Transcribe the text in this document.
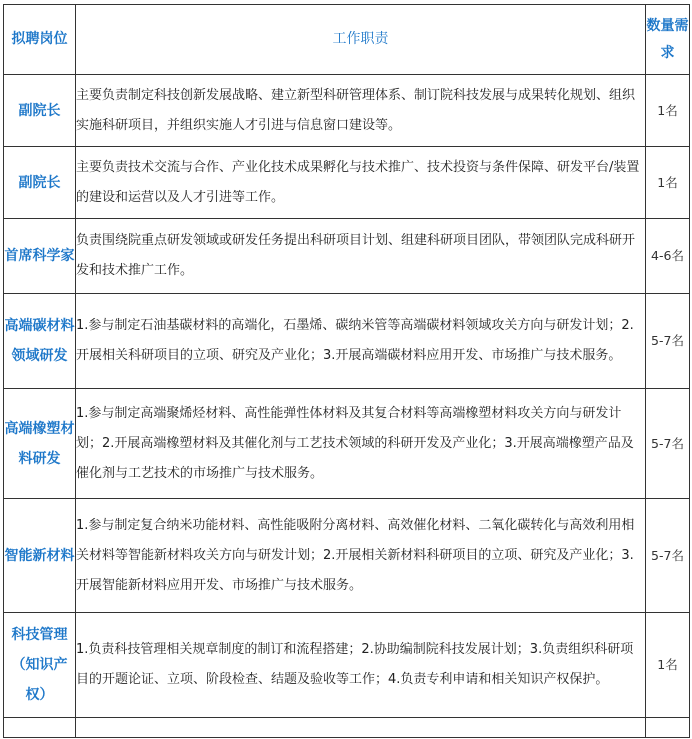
拟聘岗位	工作职责	数量需求
副院长	主要负责制定科技创新发展战略、建立新型科研管理体系、制订院科技发展与成果转化规划、组织实施科研项目，并组织实施人才引进与信息窗口建设等。	1名
副院长	主要负责技术交流与合作、产业化技术成果孵化与技术推广、技术投资与条件保障、研发平台/装置的建设和运营以及人才引进等工作。	1名
首席科学家	负责围绕院重点研发领域或研发任务提出科研项目计划、组建科研项目团队，带领团队完成科研开发和技术推广工作。	4-6名
高端碳材料领域研发	1.参与制定石油基碳材料的高端化，石墨烯、碳纳米管等高端碳材料领域攻关方向与研发计划；2.开展相关科研项目的立项、研究及产业化；3.开展高端碳材料应用开发、市场推广与技术服务。	5-7名
高端橡塑材料研发	1.参与制定高端聚烯烃材料、高性能弹性体材料及其复合材料等高端橡塑材料攻关方向与研发计划；2.开展高端橡塑材料及其催化剂与工艺技术领域的科研开发及产业化；3.开展高端橡塑产品及催化剂与工艺技术的市场推广与技术服务。	5-7名
智能新材料	1.参与制定复合纳米功能材料、高性能吸附分离材料、高效催化材料、二氧化碳转化与高效利用相关材料等智能新材料攻关方向与研发计划；2.开展相关新材料科研项目的立项、研究及产业化；3.开展智能新材料应用开发、市场推广与技术服务。	5-7名
科技管理（知识产权）	1.负责科技管理相关规章制度的制订和流程搭建；2.协助编制院科技发展计划；3.负责组织科研项目的开题论证、立项、阶段检查、结题及验收等工作；4.负责专利申请和相关知识产权保护。	1名
